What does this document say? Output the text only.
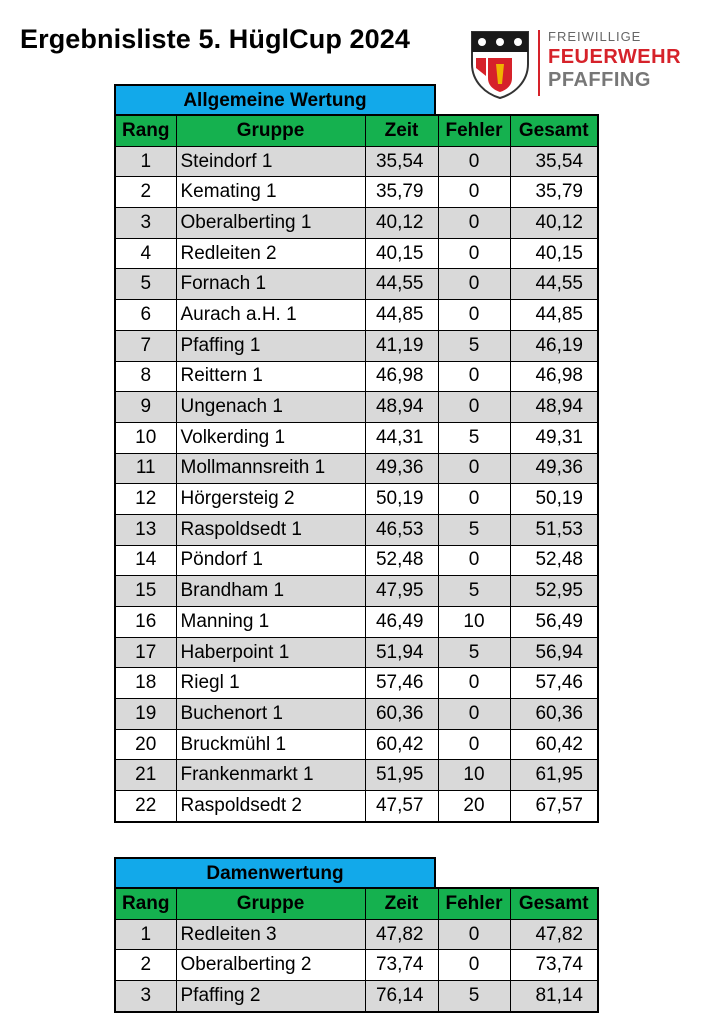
Ergebnisliste 5. HüglCup 2024	FREIWILLIGE
FEUERWEHR
PFAFFING
Allgemeine Wertung
Rang	Gruppe	Zeit	Fehler	Gesamt
1	Steindorf 1	35,54	0	35,54
2	Kemating 1	35,79	0	35,79
3	Oberalberting 1	40,12	0	40,12
4	Redleiten 2	40,15	0	40,15
5	Fornach 1	44,55	0	44,55
6	Aurach a.H. 1	44,85	0	44,85
7	Pfaffing 1	41,19	5	46,19
8	Reittern 1	46,98	0	46,98
9	Ungenach 1	48,94	0	48,94
10	Volkerding 1	44,31	5	49,31
11	Mollmannsreith 1	49,36	0	49,36
12	Hörgersteig 2	50,19	0	50,19
13	Raspoldsedt 1	46,53	5	51,53
14	Pöndorf 1	52,48	0	52,48
15	Brandham 1	47,95	5	52,95
16	Manning 1	46,49	10	56,49
17	Haberpoint 1	51,94	5	56,94
18	Riegl 1	57,46	0	57,46
19	Buchenort 1	60,36	0	60,36
20	Bruckmühl 1	60,42	0	60,42
21	Frankenmarkt 1	51,95	10	61,95
22	Raspoldsedt 2	47,57	20	67,57
Damenwertung
Rang	Gruppe	Zeit	Fehler	Gesamt
1	Redleiten 3	47,82	0	47,82
2	Oberalberting 2	73,74	0	73,74
3	Pfaffing 2	76,14	5	81,14
